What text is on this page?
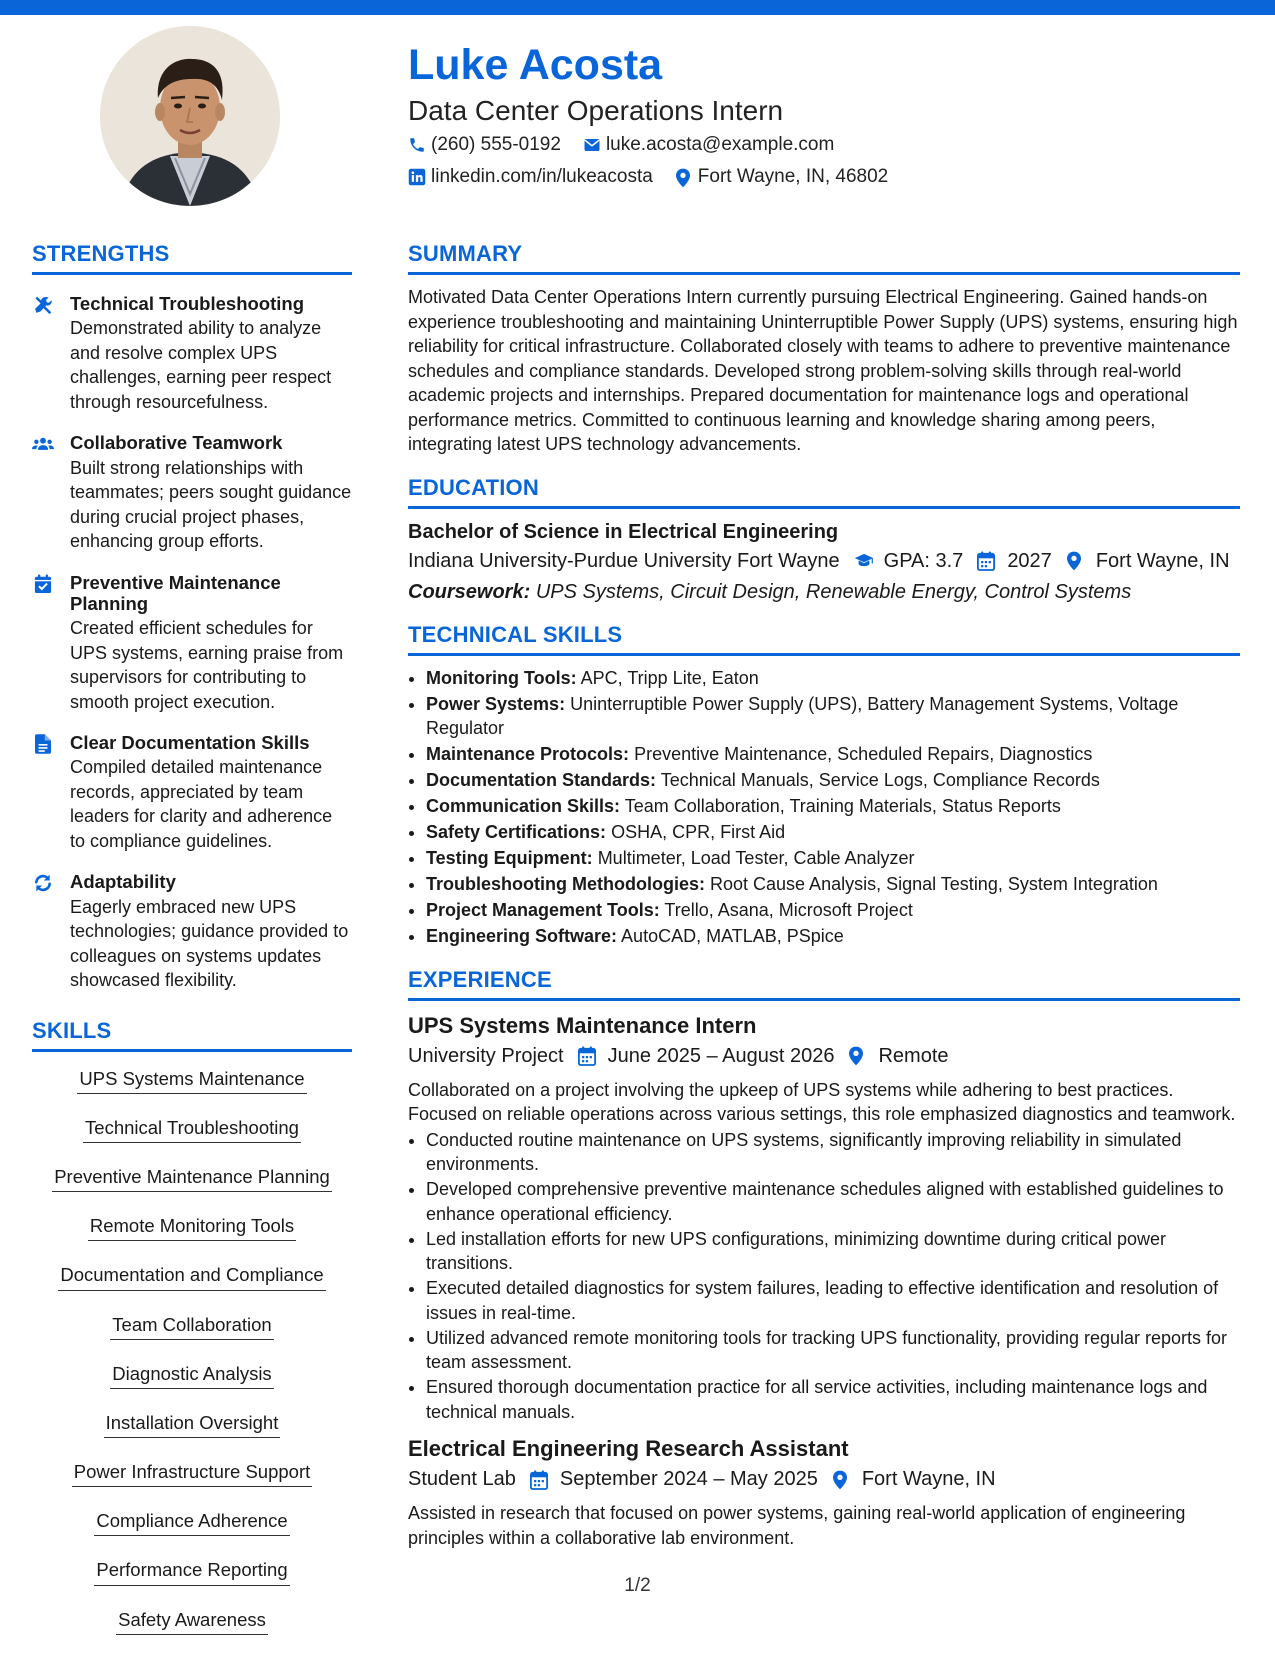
Luke Acosta
Data Center Operations Intern
(260) 555-0192 luke.acosta@example.com
linkedin.com/in/lukeacosta Fort Wayne, IN, 46802
STRENGTHS
Technical Troubleshooting
Demonstrated ability to analyze and resolve complex UPS challenges, earning peer respect through resourcefulness.
Collaborative Teamwork
Built strong relationships with teammates; peers sought guidance during crucial project phases, enhancing group efforts.
Preventive Maintenance Planning
Created efficient schedules for UPS systems, earning praise from supervisors for contributing to smooth project execution.
Clear Documentation Skills
Compiled detailed maintenance records, appreciated by team leaders for clarity and adherence to compliance guidelines.
Adaptability
Eagerly embraced new UPS technologies; guidance provided to colleagues on systems updates showcased flexibility.
SKILLS
UPS Systems Maintenance
Technical Troubleshooting
Preventive Maintenance Planning
Remote Monitoring Tools
Documentation and Compliance
Team Collaboration
Diagnostic Analysis
Installation Oversight
Power Infrastructure Support
Compliance Adherence
Performance Reporting
Safety Awareness
SUMMARY
Motivated Data Center Operations Intern currently pursuing Electrical Engineering. Gained hands-on experience troubleshooting and maintaining Uninterruptible Power Supply (UPS) systems, ensuring high reliability for critical infrastructure. Collaborated closely with teams to adhere to preventive maintenance schedules and compliance standards. Developed strong problem-solving skills through real-world academic projects and internships. Prepared documentation for maintenance logs and operational performance metrics. Committed to continuous learning and knowledge sharing among peers, integrating latest UPS technology advancements.
EDUCATION
Bachelor of Science in Electrical Engineering
Indiana University-Purdue University Fort Wayne GPA: 3.7 2027 Fort Wayne, IN
Coursework: UPS Systems, Circuit Design, Renewable Energy, Control Systems
TECHNICAL SKILLS
• Monitoring Tools: APC, Tripp Lite, Eaton
• Power Systems: Uninterruptible Power Supply (UPS), Battery Management Systems, Voltage Regulator
• Maintenance Protocols: Preventive Maintenance, Scheduled Repairs, Diagnostics
• Documentation Standards: Technical Manuals, Service Logs, Compliance Records
• Communication Skills: Team Collaboration, Training Materials, Status Reports
• Safety Certifications: OSHA, CPR, First Aid
• Testing Equipment: Multimeter, Load Tester, Cable Analyzer
• Troubleshooting Methodologies: Root Cause Analysis, Signal Testing, System Integration
• Project Management Tools: Trello, Asana, Microsoft Project
• Engineering Software: AutoCAD, MATLAB, PSpice
EXPERIENCE
UPS Systems Maintenance Intern
University Project June 2025 – August 2026 Remote
Collaborated on a project involving the upkeep of UPS systems while adhering to best practices. Focused on reliable operations across various settings, this role emphasized diagnostics and teamwork.
• Conducted routine maintenance on UPS systems, significantly improving reliability in simulated environments.
• Developed comprehensive preventive maintenance schedules aligned with established guidelines to enhance operational efficiency.
• Led installation efforts for new UPS configurations, minimizing downtime during critical power transitions.
• Executed detailed diagnostics for system failures, leading to effective identification and resolution of issues in real-time.
• Utilized advanced remote monitoring tools for tracking UPS functionality, providing regular reports for team assessment.
• Ensured thorough documentation practice for all service activities, including maintenance logs and technical manuals.
Electrical Engineering Research Assistant
Student Lab September 2024 – May 2025 Fort Wayne, IN
Assisted in research that focused on power systems, gaining real-world application of engineering principles within a collaborative lab environment.
1/2
